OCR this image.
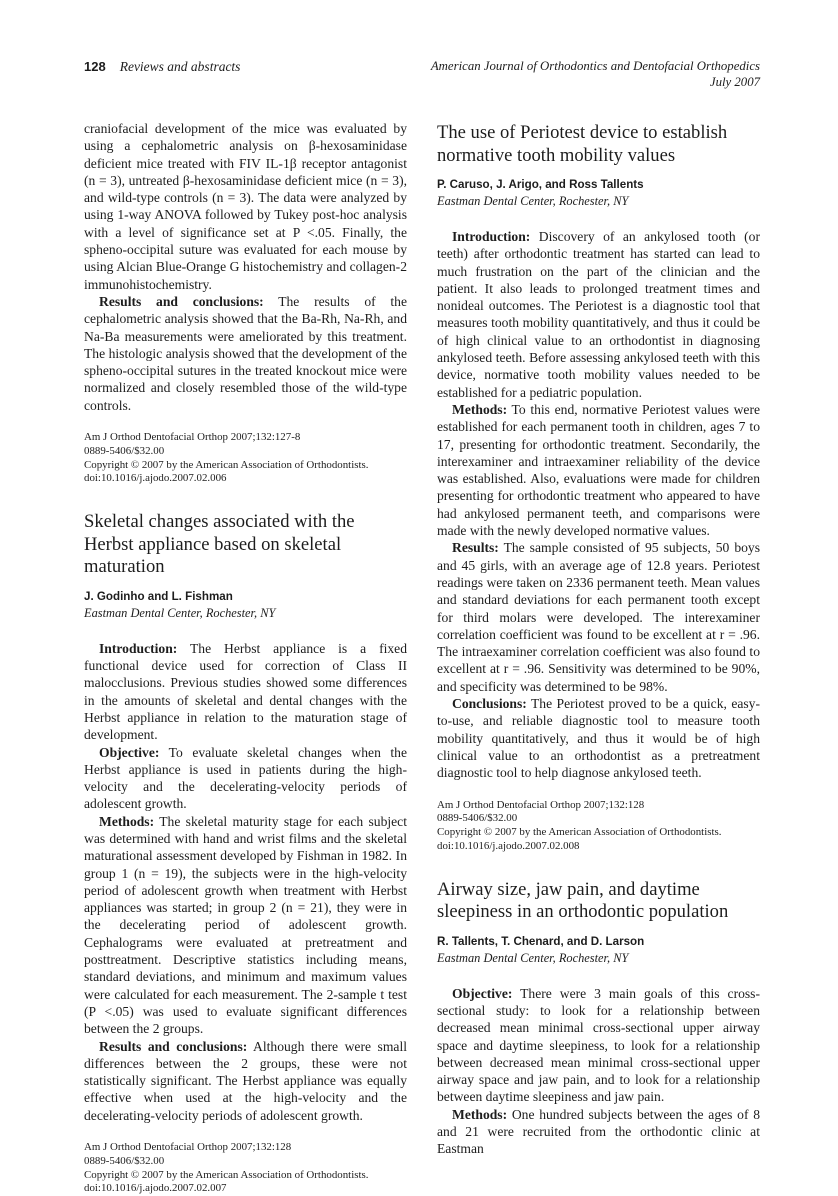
128 Reviews and abstracts	American Journal of Orthodontics and Dentofacial Orthopedics
July 2007

craniofacial development of the mice was evaluated by using a cephalometric analysis on β-hexosaminidase deficient mice treated with FIV IL-1β receptor antagonist (n = 3), untreated β-hexosaminidase deficient mice (n = 3), and wild-type controls (n = 3). The data were analyzed by using 1-way ANOVA followed by Tukey post-hoc analysis with a level of significance set at P <.05. Finally, the spheno-occipital suture was evaluated for each mouse by using Alcian Blue-Orange G histochemistry and collagen-2 immunohistochemistry.

Results and conclusions: The results of the cephalometric analysis showed that the Ba-Rh, Na-Rh, and Na-Ba measurements were ameliorated by this treatment. The histologic analysis showed that the development of the spheno-occipital sutures in the treated knockout mice were normalized and closely resembled those of the wild-type controls.

Am J Orthod Dentofacial Orthop 2007;132:127-8
0889-5406/$32.00
Copyright © 2007 by the American Association of Orthodontists.
doi:10.1016/j.ajodo.2007.02.006
Skeletal changes associated with the Herbst appliance based on skeletal maturation
J. Godinho and L. Fishman
Eastman Dental Center, Rochester, NY

Introduction: The Herbst appliance is a fixed functional device used for correction of Class II malocclusions. Previous studies showed some differences in the amounts of skeletal and dental changes with the Herbst appliance in relation to the maturation stage of development.

Objective: To evaluate skeletal changes when the Herbst appliance is used in patients during the high-velocity and the decelerating-velocity periods of adolescent growth.

Methods: The skeletal maturity stage for each subject was determined with hand and wrist films and the skeletal maturational assessment developed by Fishman in 1982. In group 1 (n = 19), the subjects were in the high-velocity period of adolescent growth when treatment with Herbst appliances was started; in group 2 (n = 21), they were in the decelerating period of adolescent growth. Cephalograms were evaluated at pretreatment and posttreatment. Descriptive statistics including means, standard deviations, and minimum and maximum values were calculated for each measurement. The 2-sample t test (P <.05) was used to evaluate significant differences between the 2 groups.

Results and conclusions: Although there were small differences between the 2 groups, these were not statistically significant. The Herbst appliance was equally effective when used at the high-velocity and the decelerating-velocity periods of adolescent growth.

Am J Orthod Dentofacial Orthop 2007;132:128
0889-5406/$32.00
Copyright © 2007 by the American Association of Orthodontists.
doi:10.1016/j.ajodo.2007.02.007
The use of Periotest device to establish normative tooth mobility values
P. Caruso, J. Arigo, and Ross Tallents
Eastman Dental Center, Rochester, NY

Introduction: Discovery of an ankylosed tooth (or teeth) after orthodontic treatment has started can lead to much frustration on the part of the clinician and the patient. It also leads to prolonged treatment times and nonideal outcomes. The Periotest is a diagnostic tool that measures tooth mobility quantitatively, and thus it could be of high clinical value to an orthodontist in diagnosing ankylosed teeth. Before assessing ankylosed teeth with this device, normative tooth mobility values needed to be established for a pediatric population.

Methods: To this end, normative Periotest values were established for each permanent tooth in children, ages 7 to 17, presenting for orthodontic treatment. Secondarily, the interexaminer and intraexaminer reliability of the device was established. Also, evaluations were made for children presenting for orthodontic treatment who appeared to have had ankylosed permanent teeth, and comparisons were made with the newly developed normative values.

Results: The sample consisted of 95 subjects, 50 boys and 45 girls, with an average age of 12.8 years. Periotest readings were taken on 2336 permanent teeth. Mean values and standard deviations for each permanent tooth except for third molars were developed. The interexaminer correlation coefficient was found to be excellent at r = .96. The intraexaminer correlation coefficient was also found to excellent at r = .96. Sensitivity was determined to be 90%, and specificity was determined to be 98%.

Conclusions: The Periotest proved to be a quick, easy-to-use, and reliable diagnostic tool to measure tooth mobility quantitatively, and thus it would be of high clinical value to an orthodontist as a pretreatment diagnostic tool to help diagnose ankylosed teeth.

Am J Orthod Dentofacial Orthop 2007;132:128
0889-5406/$32.00
Copyright © 2007 by the American Association of Orthodontists.
doi:10.1016/j.ajodo.2007.02.008
Airway size, jaw pain, and daytime sleepiness in an orthodontic population
R. Tallents, T. Chenard, and D. Larson
Eastman Dental Center, Rochester, NY

Objective: There were 3 main goals of this cross-sectional study: to look for a relationship between decreased mean minimal cross-sectional upper airway space and daytime sleepiness, to look for a relationship between decreased mean minimal cross-sectional upper airway space and jaw pain, and to look for a relationship between daytime sleepiness and jaw pain.

Methods: One hundred subjects between the ages of 8 and 21 were recruited from the orthodontic clinic at Eastman
